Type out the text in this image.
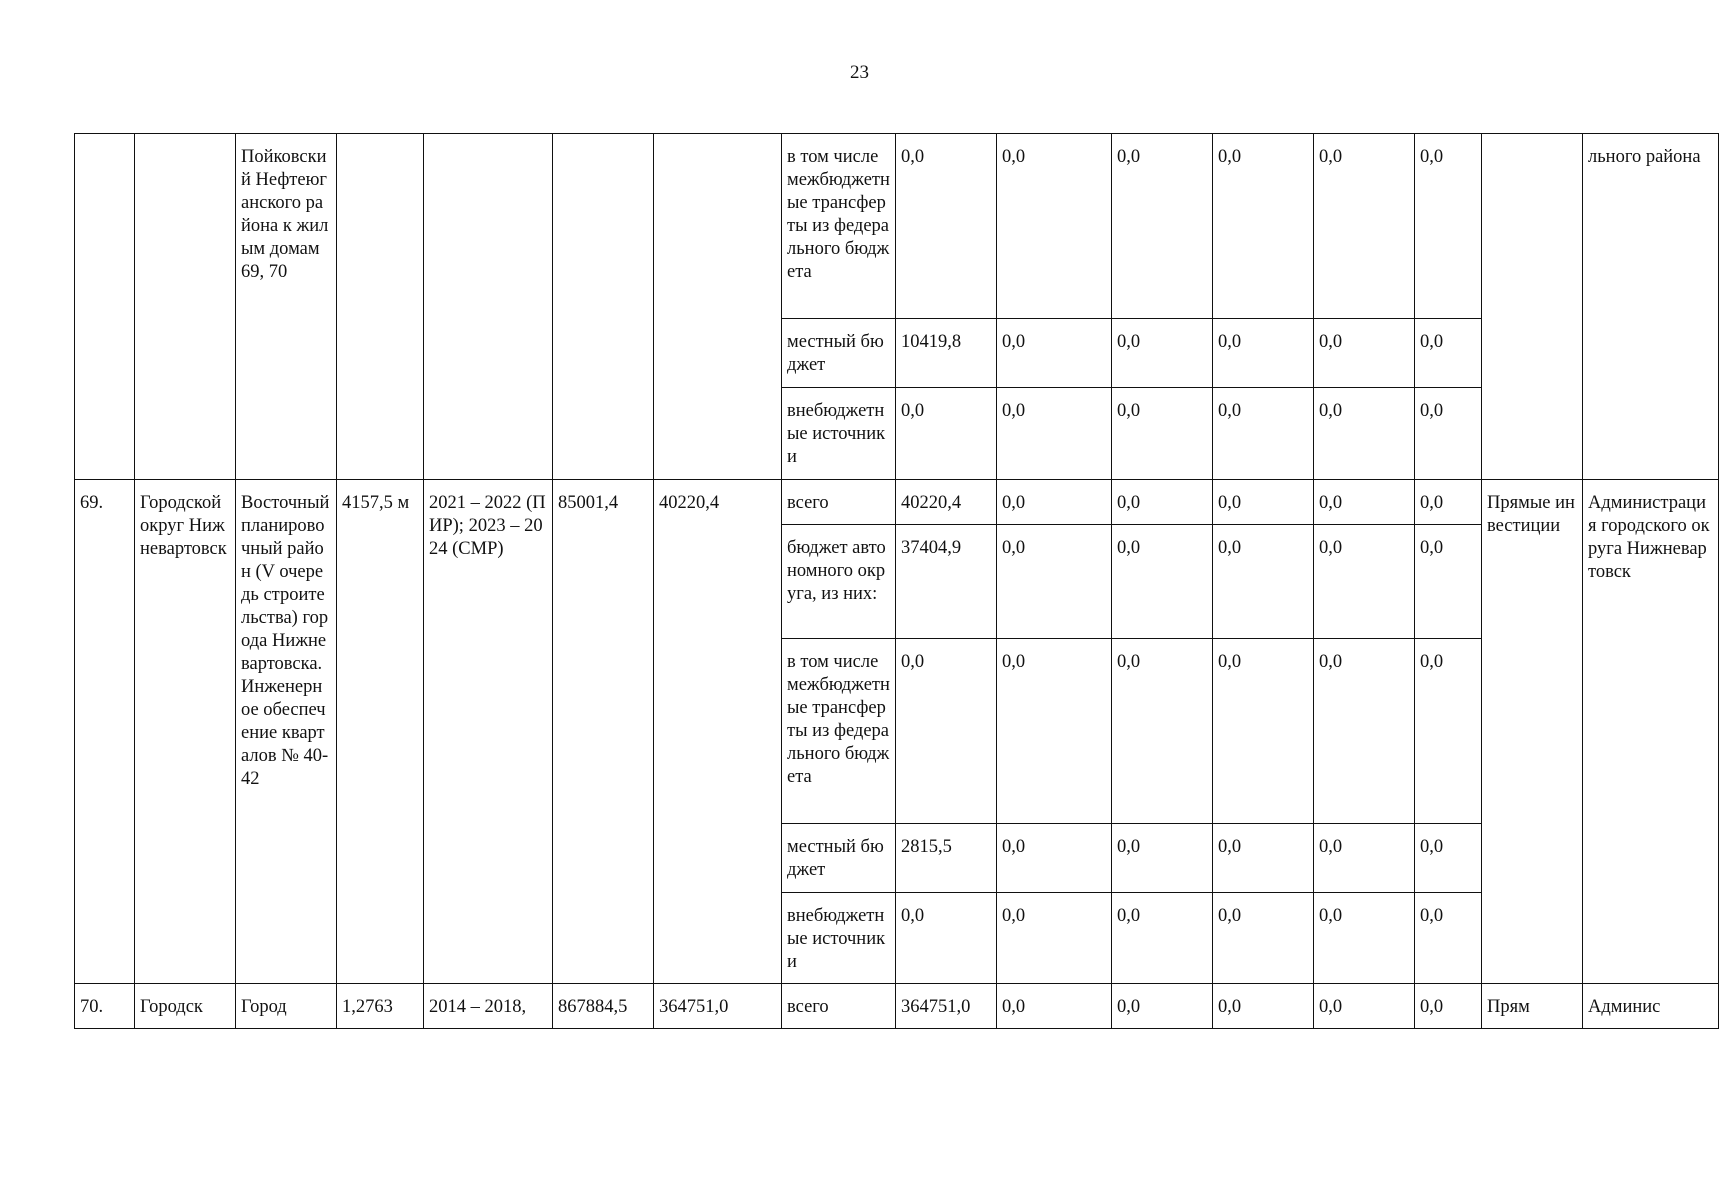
23
		Пойковский Нефтеюганского района к жилым домам 69, 70					в том числе межбюджетные трансферты из федерального бюджета	0,0	0,0	0,0	0,0	0,0	0,0		льного района
							местный бюджет	10419,8	0,0	0,0	0,0	0,0	0,0		
							внебюджетные источники	0,0	0,0	0,0	0,0	0,0	0,0		
69.	Городской округ Нижневартовск	Восточный планировочный район (V очередь строительства) города Нижневартовска. Инженерное обеспечение кварталов № 40-42	4157,5 м	2021 – 2022 (ПИР); 2023 – 2024 (СМР)	85001,4	40220,4	всего	40220,4	0,0	0,0	0,0	0,0	0,0	Прямые инвестиции	Администрация городского округа Нижневартовск
							бюджет автономного округа, из них:	37404,9	0,0	0,0	0,0	0,0	0,0		
							в том числе межбюджетные трансферты из федерального бюджета	0,0	0,0	0,0	0,0	0,0	0,0		
							местный бюджет	2815,5	0,0	0,0	0,0	0,0	0,0		
							внебюджетные источники	0,0	0,0	0,0	0,0	0,0	0,0		
70.	Городск	Город	1,2763	2014 – 2018,	867884,5	364751,0	всего	364751,0	0,0	0,0	0,0	0,0	0,0	Прям	Админис
